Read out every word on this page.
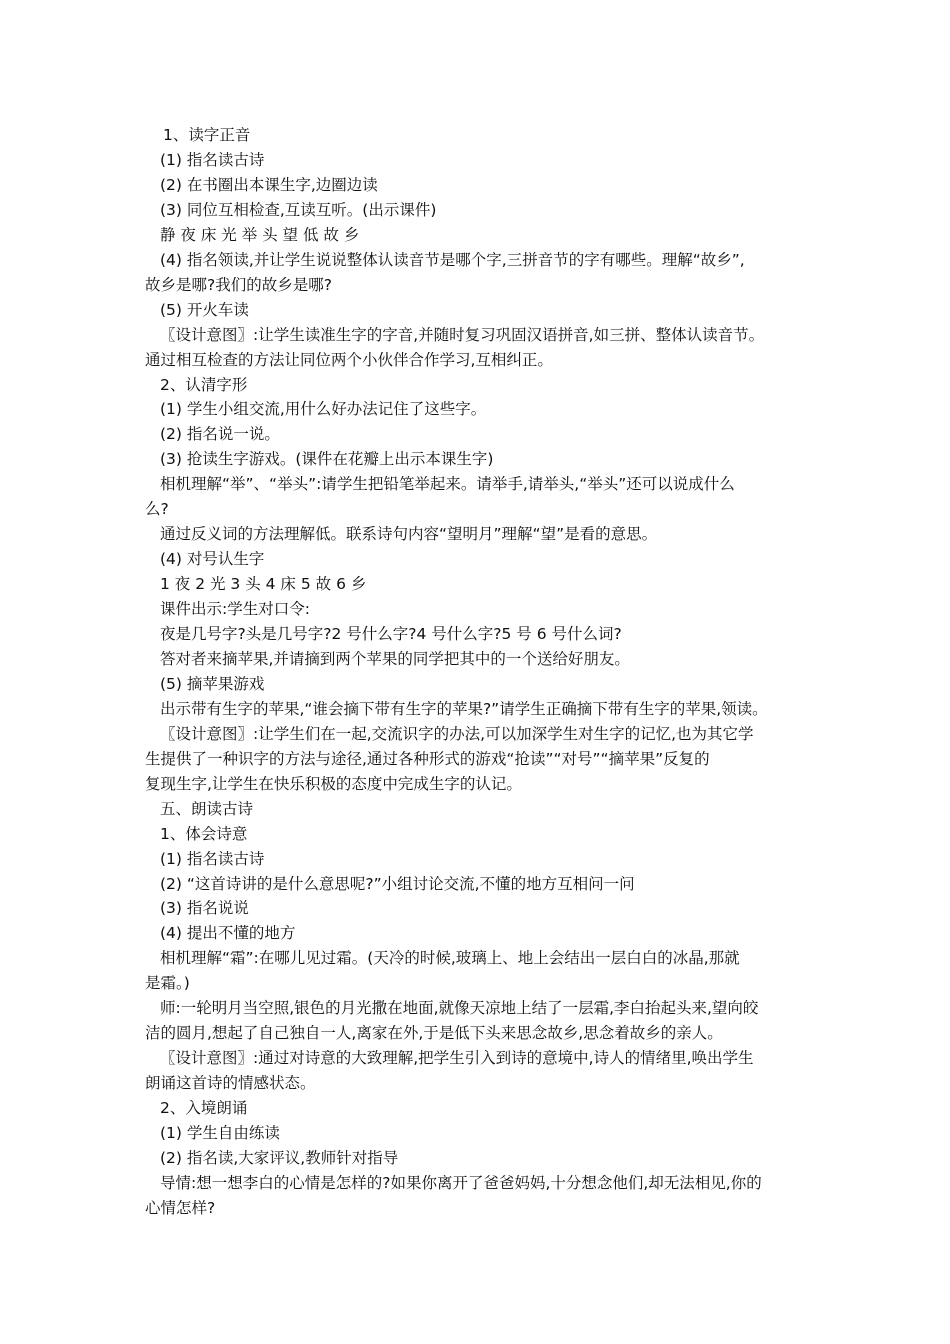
1、读字正音
(1) 指名读古诗
(2) 在书圈出本课生字,边圈边读
(3) 同位互相检查,互读互听。(出示课件)
静 夜 床 光 举 头 望 低 故 乡
(4) 指名领读,并让学生说说整体认读音节是哪个字,三拼音节的字有哪些。理解“故乡”,
故乡是哪?我们的故乡是哪?
(5) 开火车读
〖设计意图〗:让学生读准生字的字音,并随时复习巩固汉语拼音,如三拼、整体认读音节。
通过相互检查的方法让同位两个小伙伴合作学习,互相纠正。
2、认清字形
(1) 学生小组交流,用什么好办法记住了这些字。
(2) 指名说一说。
(3) 抢读生字游戏。(课件在花瓣上出示本课生字)
相机理解“举”、“举头”:请学生把铅笔举起来。请举手,请举头,“举头”还可以说成什么
么?
通过反义词的方法理解低。联系诗句内容“望明月”理解“望”是看的意思。
(4) 对号认生字
1 夜 2 光 3 头 4 床 5 故 6 乡
课件出示:学生对口令:
夜是几号字?头是几号字?2 号什么字?4 号什么字?5 号 6 号什么词?
答对者来摘苹果,并请摘到两个苹果的同学把其中的一个送给好朋友。
(5) 摘苹果游戏
出示带有生字的苹果,“谁会摘下带有生字的苹果?”请学生正确摘下带有生字的苹果,领读。
〖设计意图〗:让学生们在一起,交流识字的办法,可以加深学生对生字的记忆,也为其它学
生提供了一种识字的方法与途径,通过各种形式的游戏“抢读”“对号”“摘苹果”反复的
复现生字,让学生在快乐积极的态度中完成生字的认记。
五、朗读古诗
1、体会诗意
(1) 指名读古诗
(2) “这首诗讲的是什么意思呢?”小组讨论交流,不懂的地方互相问一问
(3) 指名说说
(4) 提出不懂的地方
相机理解“霜”:在哪儿见过霜。(天冷的时候,玻璃上、地上会结出一层白白的冰晶,那就
是霜。)
师:一轮明月当空照,银色的月光撒在地面,就像天凉地上结了一层霜,李白抬起头来,望向皎
洁的圆月,想起了自己独自一人,离家在外,于是低下头来思念故乡,思念着故乡的亲人。
〖设计意图〗:通过对诗意的大致理解,把学生引入到诗的意境中,诗人的情绪里,唤出学生
朗诵这首诗的情感状态。
2、入境朗诵
(1) 学生自由练读
(2) 指名读,大家评议,教师针对指导
导情:想一想李白的心情是怎样的?如果你离开了爸爸妈妈,十分想念他们,却无法相见,你的
心情怎样?
